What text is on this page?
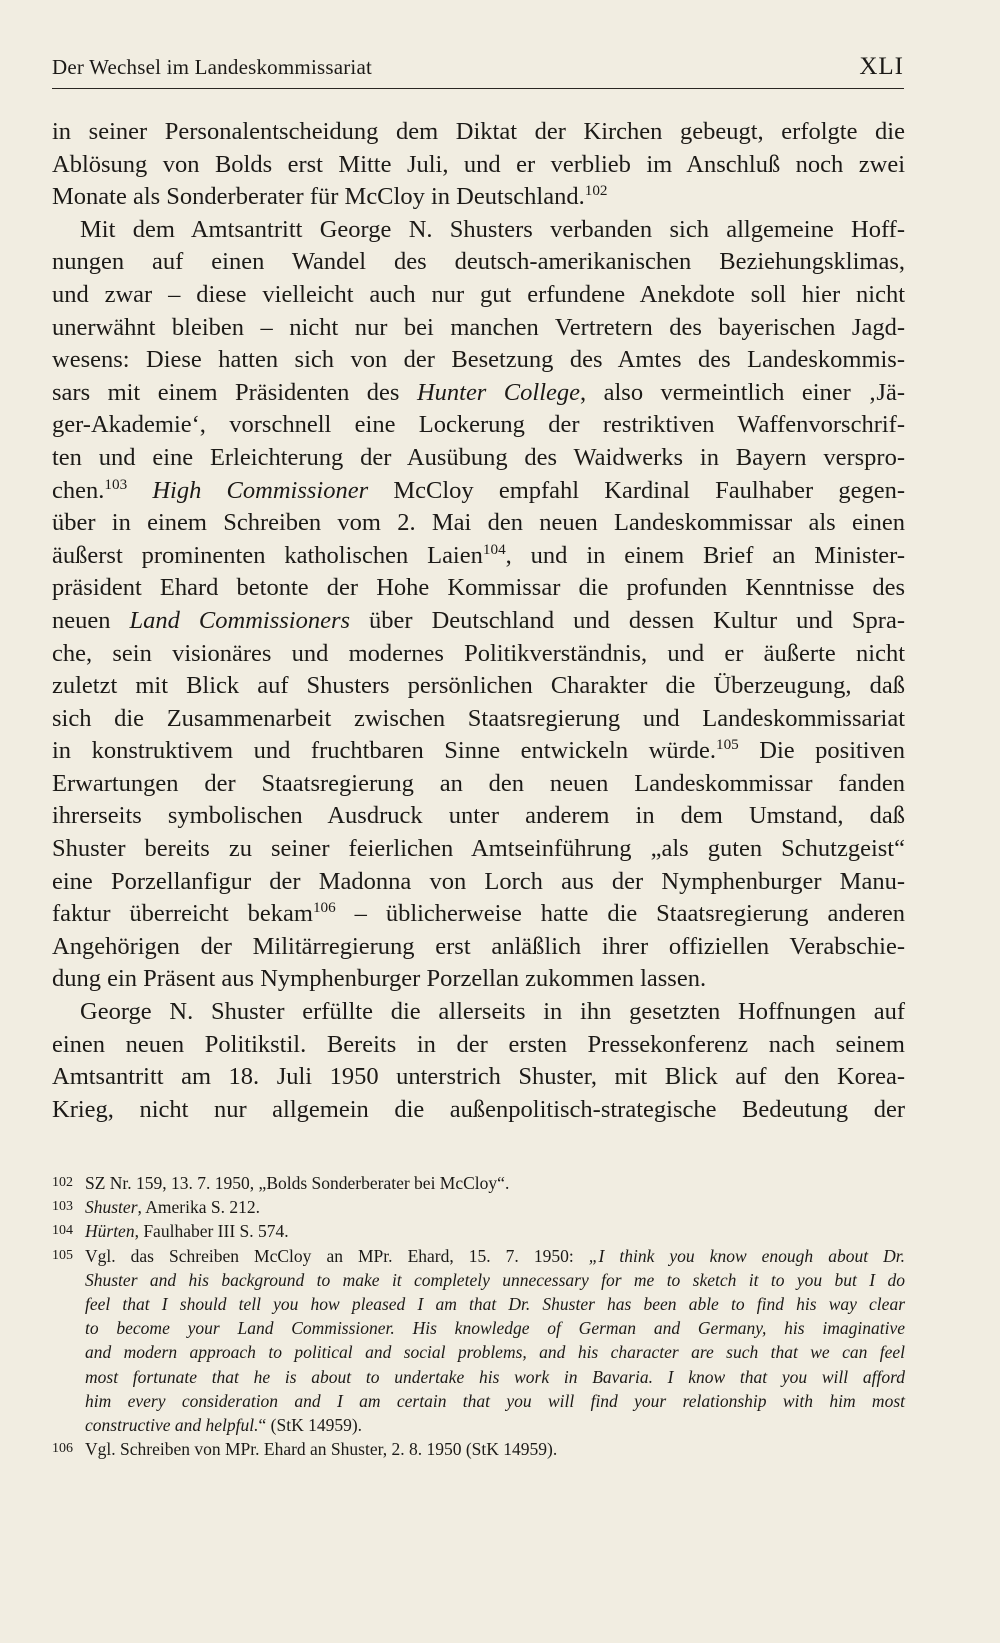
Der Wechsel im Landeskommissariat	XLI
in seiner Personalentscheidung dem Diktat der Kirchen gebeugt, erfolgte die
Ablösung von Bolds erst Mitte Juli, und er verblieb im Anschluß noch zwei
Monate als Sonderberater für McCloy in Deutschland.$^{102}$
Mit dem Amtsantritt George N. Shusters verbanden sich allgemeine Hoff-
nungen auf einen Wandel des deutsch-amerikanischen Beziehungsklimas,
und zwar – diese vielleicht auch nur gut erfundene Anekdote soll hier nicht
unerwähnt bleiben – nicht nur bei manchen Vertretern des bayerischen Jagd-
wesens: Diese hatten sich von der Besetzung des Amtes des Landeskommis-
sars mit einem Präsidenten des Hunter College, also vermeintlich einer ‚Jä-
ger-Akademie‘, vorschnell eine Lockerung der restriktiven Waffenvorschrif-
ten und eine Erleichterung der Ausübung des Waidwerks in Bayern verspro-
chen.$^{103}$ High Commissioner McCloy empfahl Kardinal Faulhaber gegen-
über in einem Schreiben vom 2. Mai den neuen Landeskommissar als einen
äußerst prominenten katholischen Laien$^{104}$, und in einem Brief an Minister-
präsident Ehard betonte der Hohe Kommissar die profunden Kenntnisse des
neuen Land Commissioners über Deutschland und dessen Kultur und Spra-
che, sein visionäres und modernes Politikverständnis, und er äußerte nicht
zuletzt mit Blick auf Shusters persönlichen Charakter die Überzeugung, daß
sich die Zusammenarbeit zwischen Staatsregierung und Landeskommissariat
in konstruktivem und fruchtbaren Sinne entwickeln würde.$^{105}$ Die positiven
Erwartungen der Staatsregierung an den neuen Landeskommissar fanden
ihrerseits symbolischen Ausdruck unter anderem in dem Umstand, daß
Shuster bereits zu seiner feierlichen Amtseinführung „als guten Schutzgeist“
eine Porzellanfigur der Madonna von Lorch aus der Nymphenburger Manu-
faktur überreicht bekam$^{106}$ – üblicherweise hatte die Staatsregierung anderen
Angehörigen der Militärregierung erst anläßlich ihrer offiziellen Verabschie-
dung ein Präsent aus Nymphenburger Porzellan zukommen lassen.
George N. Shuster erfüllte die allerseits in ihn gesetzten Hoffnungen auf
einen neuen Politikstil. Bereits in der ersten Pressekonferenz nach seinem
Amtsantritt am 18. Juli 1950 unterstrich Shuster, mit Blick auf den Korea-
Krieg, nicht nur allgemein die außenpolitisch-strategische Bedeutung der
102 SZ Nr. 159, 13. 7. 1950, „Bolds Sonderberater bei McCloy“.
103 Shuster, Amerika S. 212.
104 Hürten, Faulhaber III S. 574.
105 Vgl. das Schreiben McCloy an MPr. Ehard, 15. 7. 1950: „I think you know enough about Dr.
Shuster and his background to make it completely unnecessary for me to sketch it to you but I do
feel that I should tell you how pleased I am that Dr. Shuster has been able to find his way clear
to become your Land Commissioner. His knowledge of German and Germany, his imaginative
and modern approach to political and social problems, and his character are such that we can feel
most fortunate that he is about to undertake his work in Bavaria. I know that you will afford
him every consideration and I am certain that you will find your relationship with him most
constructive and helpful.“ (StK 14959).
106 Vgl. Schreiben von MPr. Ehard an Shuster, 2. 8. 1950 (StK 14959).
